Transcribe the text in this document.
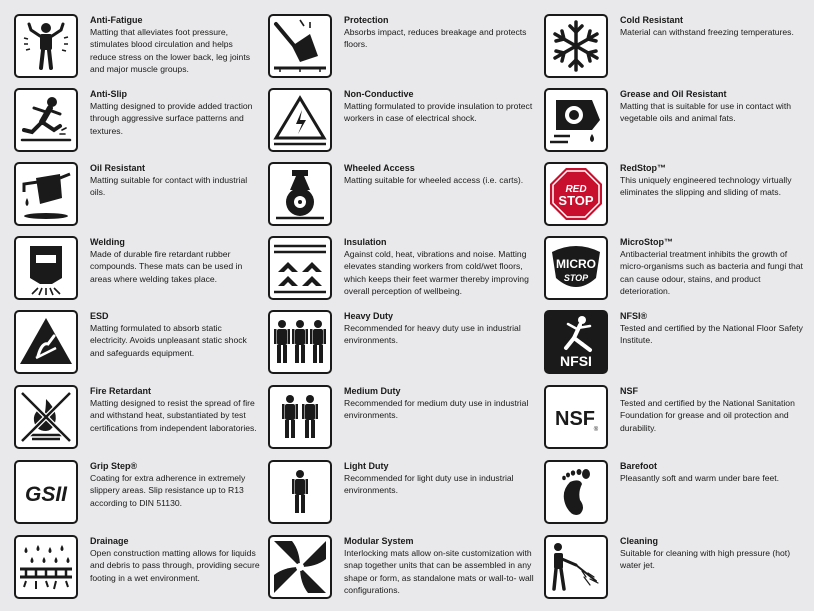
Anti-Fatigue
Matting that alleviates foot pressure, stimulates blood circulation and helps reduce stress on the lower back, leg joints and major muscle groups.
Anti-Slip
Matting designed to provide added traction through aggressive surface patterns and textures.
Oil Resistant
Matting suitable for contact with industrial oils.
Welding
Made of durable fire retardant rubber compounds. These mats can be used in areas where welding takes place.
ESD
Matting formulated to absorb static electricity. Avoids unpleasant static shock and safeguards equipment.
Fire Retardant
Matting designed to resist the spread of fire and withstand heat, substantiated by test certifications from independent laboratories.
GSII
Grip Step®
Coating for extra adherence in extremely slippery areas. Slip resistance up to R13 according to DIN 51130.
Drainage
Open construction matting allows for liquids and debris to pass through, providing secure footing in a wet environment.
Protection
Absorbs impact, reduces breakage and protects floors.
Non-Conductive
Matting formulated to provide insulation to protect workers in case of electrical shock.
Wheeled Access
Matting suitable for wheeled access (i.e. carts).
Insulation
Against cold, heat, vibrations and noise. Matting elevates standing workers from cold/wet floors, which keeps their feet warmer thereby improving overall perception of wellbeing.
Heavy Duty
Recommended for heavy duty use in industrial environments.
Medium Duty
Recommended for medium duty use in industrial environments.
Light Duty
Recommended for light duty use in industrial environments.
Modular System
Interlocking mats allow on-site customization with snap together units that can be assembled in any shape or form, as standalone mats or wall-to- wall configurations.
Cold Resistant
Material can withstand freezing temperatures.
Grease and Oil Resistant
Matting that is suitable for use in contact with vegetable oils and animal fats.
RED
STOP
RedStop™
This uniquely engineered technology virtually eliminates the slipping and sliding of mats.
MICRO
STOP
MicroStop™
Antibacterial treatment inhibits the growth of micro-organisms such as bacteria and fungi that can cause odour, stains, and product deterioration.
NFSI
NFSI®
Tested and certified by the National Floor Safety Institute.
NSF
®
NSF
Tested and certified by the National Sanitation Foundation for grease and oil protection and durability.
Barefoot
Pleasantly soft and warm under bare feet.
Cleaning
Suitable for cleaning with high pressure (hot) water jet.
